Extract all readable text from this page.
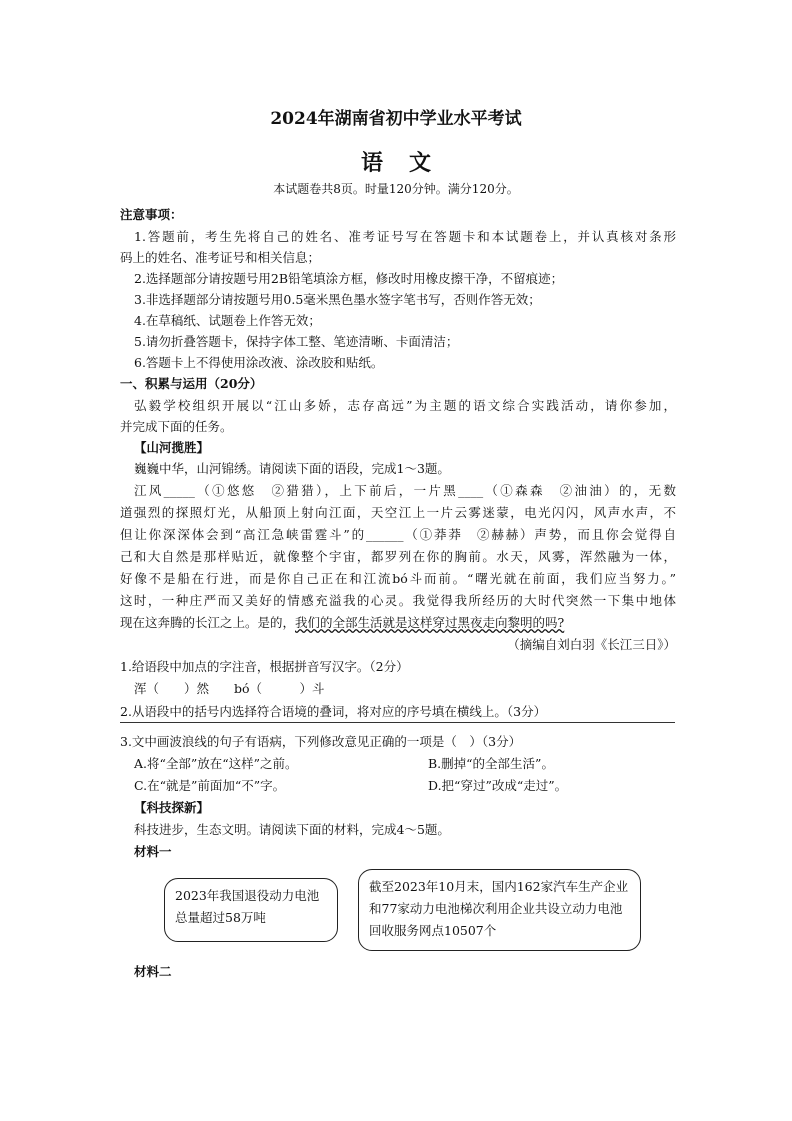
2024年湖南省初中学业水平考试
语文
本试题卷共8页。时量120分钟。满分120分。
注意事项：
1.答题前，考生先将自己的姓名、准考证号写在答题卡和本试题卷上，并认真核对条形
码上的姓名、准考证号和相关信息；
2.选择题部分请按题号用2B铅笔填涂方框，修改时用橡皮擦干净，不留痕迹；
3.非选择题部分请按题号用0.5毫米黑色墨水签字笔书写，否则作答无效；
4.在草稿纸、试题卷上作答无效；
5.请勿折叠答题卡，保持字体工整、笔迹清晰、卡面清洁；
6.答题卡上不得使用涂改液、涂改胶和贴纸。
一、积累与运用（20分）
弘毅学校组织开展以“江山多娇，志存高远”为主题的语文综合实践活动，请你参加，
并完成下面的任务。
【山河揽胜】
巍巍中华，山河锦绣。请阅读下面的语段，完成1～3题。
江风_____（①悠悠　②猎猎），上下前后，一片黑____（①森森　②油油）的，无数
道强烈的探照灯光，从船顶上射向江面，天空江上一片云雾迷蒙，电光闪闪，风声水声，不
但让你深深体会到“高江急峡雷霆斗”的______（①莽莽　②赫赫）声势，而且你会觉得自
己和大自然是那样贴近，就像整个宇宙，都罗列在你的胸前。水天，风雾，浑然融为一体，
好像不是船在行进，而是你自己正在和江流bó斗而前。“曙光就在前面，我们应当努力。”
这时，一种庄严而又美好的情感充溢我的心灵。我觉得我所经历的大时代突然一下集中地体
现在这奔腾的长江之上。是的，我们的全部生活就是这样穿过黑夜走向黎明的吗?
（摘编自刘白羽《长江三日》）
1.给语段中加点的字注音，根据拼音写汉字。（2分）
浑（　　）然　　bó（　　　）斗
2.从语段中的括号内选择符合语境的叠词，将对应的序号填在横线上。（3分）
3.文中画波浪线的句子有语病，下列修改意见正确的一项是（　）（3分）
A.将“全部”放在“这样”之前。	B.删掉“的全部生活”。
C.在“就是”前面加“不”字。	D.把“穿过”改成“走过”。
【科技探新】
科技进步，生态文明。请阅读下面的材料，完成4～5题。
材料一
2023年我国退役动力电池总量超过58万吨
截至2023年10月末，国内162家汽车生产企业和77家动力电池梯次利用企业共设立动力电池回收服务网点10507个
材料二
